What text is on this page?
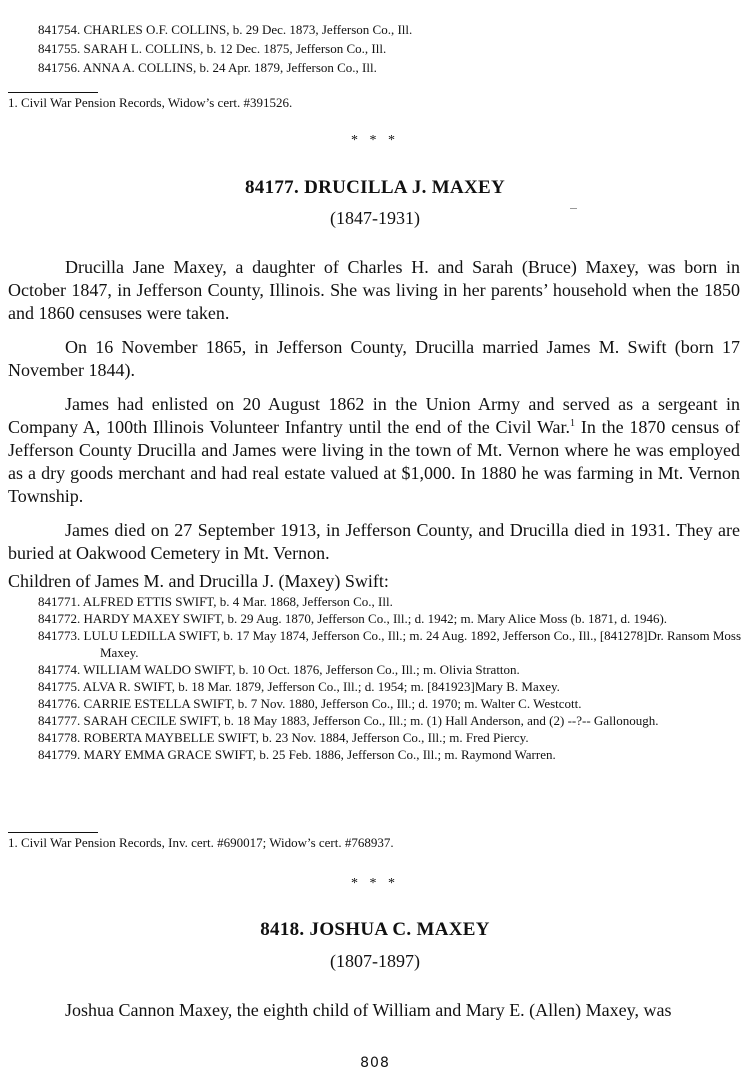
841754. CHARLES O.F. COLLINS, b. 29 Dec. 1873, Jefferson Co., Ill.
841755. SARAH L. COLLINS, b. 12 Dec. 1875, Jefferson Co., Ill.
841756. ANNA A. COLLINS, b. 24 Apr. 1879, Jefferson Co., Ill.
1. Civil War Pension Records, Widow’s cert. #391526.
* * *
84177. DRUCILLA J. MAXEY
(1847-1931)

Drucilla Jane Maxey, a daughter of Charles H. and Sarah (Bruce) Maxey, was born in October 1847, in Jefferson County, Illinois. She was living in her parents’ household when the 1850 and 1860 censuses were taken.

On 16 November 1865, in Jefferson County, Drucilla married James M. Swift (born 17 November 1844).

James had enlisted on 20 August 1862 in the Union Army and served as a sergeant in Company A, 100th Illinois Volunteer Infantry until the end of the Civil War.$^1$ In the 1870 census of Jefferson County Drucilla and James were living in the town of Mt. Vernon where he was employed as a dry goods merchant and had real estate valued at $1,000. In 1880 he was farming in Mt. Vernon Township.

James died on 27 September 1913, in Jefferson County, and Drucilla died in 1931. They are buried at Oakwood Cemetery in Mt. Vernon.

Children of James M. and Drucilla J. (Maxey) Swift:
841771. ALFRED ETTIS SWIFT, b. 4 Mar. 1868, Jefferson Co., Ill.
841772. HARDY MAXEY SWIFT, b. 29 Aug. 1870, Jefferson Co., Ill.; d. 1942; m. Mary Alice Moss (b. 1871, d. 1946).
841773. LULU LEDILLA SWIFT, b. 17 May 1874, Jefferson Co., Ill.; m. 24 Aug. 1892, Jefferson Co., Ill., [841278]Dr. Ransom Moss Maxey.
841774. WILLIAM WALDO SWIFT, b. 10 Oct. 1876, Jefferson Co., Ill.; m. Olivia Stratton.
841775. ALVA R. SWIFT, b. 18 Mar. 1879, Jefferson Co., Ill.; d. 1954; m. [841923]Mary B. Maxey.
841776. CARRIE ESTELLA SWIFT, b. 7 Nov. 1880, Jefferson Co., Ill.; d. 1970; m. Walter C. Westcott.
841777. SARAH CECILE SWIFT, b. 18 May 1883, Jefferson Co., Ill.; m. (1) Hall Anderson, and (2) --?-- Gallonough.
841778. ROBERTA MAYBELLE SWIFT, b. 23 Nov. 1884, Jefferson Co., Ill.; m. Fred Piercy.
841779. MARY EMMA GRACE SWIFT, b. 25 Feb. 1886, Jefferson Co., Ill.; m. Raymond Warren.
1. Civil War Pension Records, Inv. cert. #690017; Widow’s cert. #768937.
* * *
8418. JOSHUA C. MAXEY
(1807-1897)

Joshua Cannon Maxey, the eighth child of William and Mary E. (Allen) Maxey, was

808
